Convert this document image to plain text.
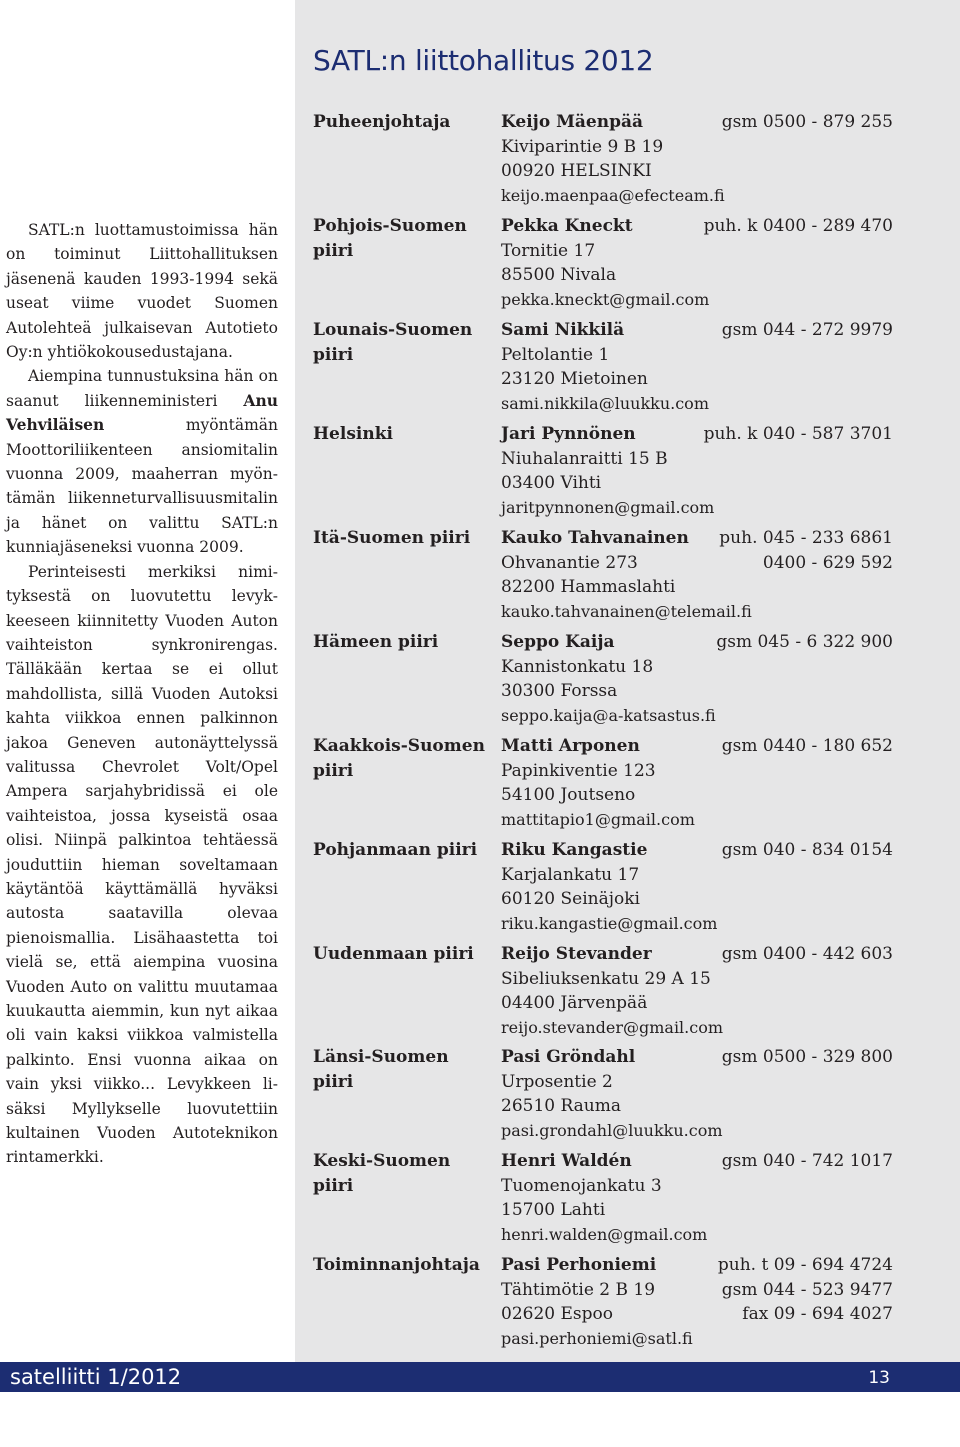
SATL:n liittohallitus 2012

SATL:n luottamustoimissa hän on toiminut Liittohallituksen jäsenenä kauden 1993-1994 sekä useat viime vuodet Suomen Autolehteä julkaisevan Autotieto Oy:n yhtiökokousedustajana.

Aiempina tunnustuksina hän on saanut liikenneministeri Anu Vehviläisen myöntämän Moottoriliikenteen ansiomitalin vuonna 2009, maaherran myöntämän liikenneturvallisuusmitalin ja hänet on valittu SATL:n kunniajäseneksi vuonna 2009.

Perinteisesti merkiksi nimityksestä on luovutettu levykkeeseen kiinnitetty Vuoden Auton vaihteiston synkronirengas. Tälläkään kertaa se ei ollut mahdollista, sillä Vuoden Autoksi kahta viikkoa ennen palkinnon jakoa Geneven autonäyttelyssä valitussa Chevrolet Volt/Opel Ampera sarjahybridissä ei ole vaihteistoa, jossa kyseistä osaa olisi. Niinpä palkintoa tehtäessä jouduttiin hieman soveltamaan käytäntöä käyttämällä hyväksi autosta saatavilla olevaa pienoismallia. Lisähaastetta toi vielä se, että aiempina vuosina Vuoden Auto on valittu muutamaa kuukautta aiemmin, kun nyt aikaa oli vain kaksi viikkoa valmistella palkinto. Ensi vuonna aikaa on vain yksi viikko... Levykkeen lisäksi Myllykselle luovutettiin kultainen Vuoden Autoteknikon rintamerkki.

Puheenjohtaja	Keijo Mäenpää	gsm 0500 - 879 255
Kiviparintie 9 B 19
00920 HELSINKI
keijo.maenpaa@efecteam.fi
Pohjois-Suomen
piiri
Pekka Kneckt	puh. k 0400 - 289 470
Tornitie 17
85500 Nivala
pekka.kneckt@gmail.com
Lounais-Suomen
piiri
Sami Nikkilä	gsm 044 - 272 9979
Peltolantie 1
23120 Mietoinen
sami.nikkila@luukku.com
Helsinki	Jari Pynnönen	puh. k 040 - 587 3701
Niuhalanraitti 15 B
03400 Vihti
jaritpynnonen@gmail.com
Itä-Suomen piiri	Kauko Tahvanainen puh. 045 - 233 6861
Ohvanantie 273	0400 - 629 592
82200 Hammaslahti
kauko.tahvanainen@telemail.fi
Hämeen piiri	Seppo Kaija	gsm 045 - 6 322 900
Kannistonkatu 18
30300 Forssa
seppo.kaija@a-katsastus.fi
Kaakkois-Suomen
piiri
Matti Arponen	gsm 0440 - 180 652
Papinkiventie 123
54100 Joutseno
mattitapio1@gmail.com
Pohjanmaan piiri	Riku Kangastie	gsm 040 - 834 0154
Karjalankatu 17
60120 Seinäjoki
riku.kangastie@gmail.com
Uudenmaan piiri	Reijo Stevander	gsm 0400 - 442 603
Sibeliuksenkatu 29 A 15
04400 Järvenpää
reijo.stevander@gmail.com
Länsi-Suomen
piiri
Pasi Gröndahl	gsm 0500 - 329 800
Urposentie 2
26510 Rauma
pasi.grondahl@luukku.com
Keski-Suomen
piiri
Henri Waldén	gsm 040 - 742 1017
Tuomenojankatu 3
15700 Lahti
henri.walden@gmail.com
Toiminnanjohtaja	Pasi Perhoniemi	puh. t 09 - 694 4724
Tähtimötie 2 B 19	gsm 044 - 523 9477
02620 Espoo	fax 09 - 694 4027
pasi.perhoniemi@satl.fi
satelliitti 1/2012	13
